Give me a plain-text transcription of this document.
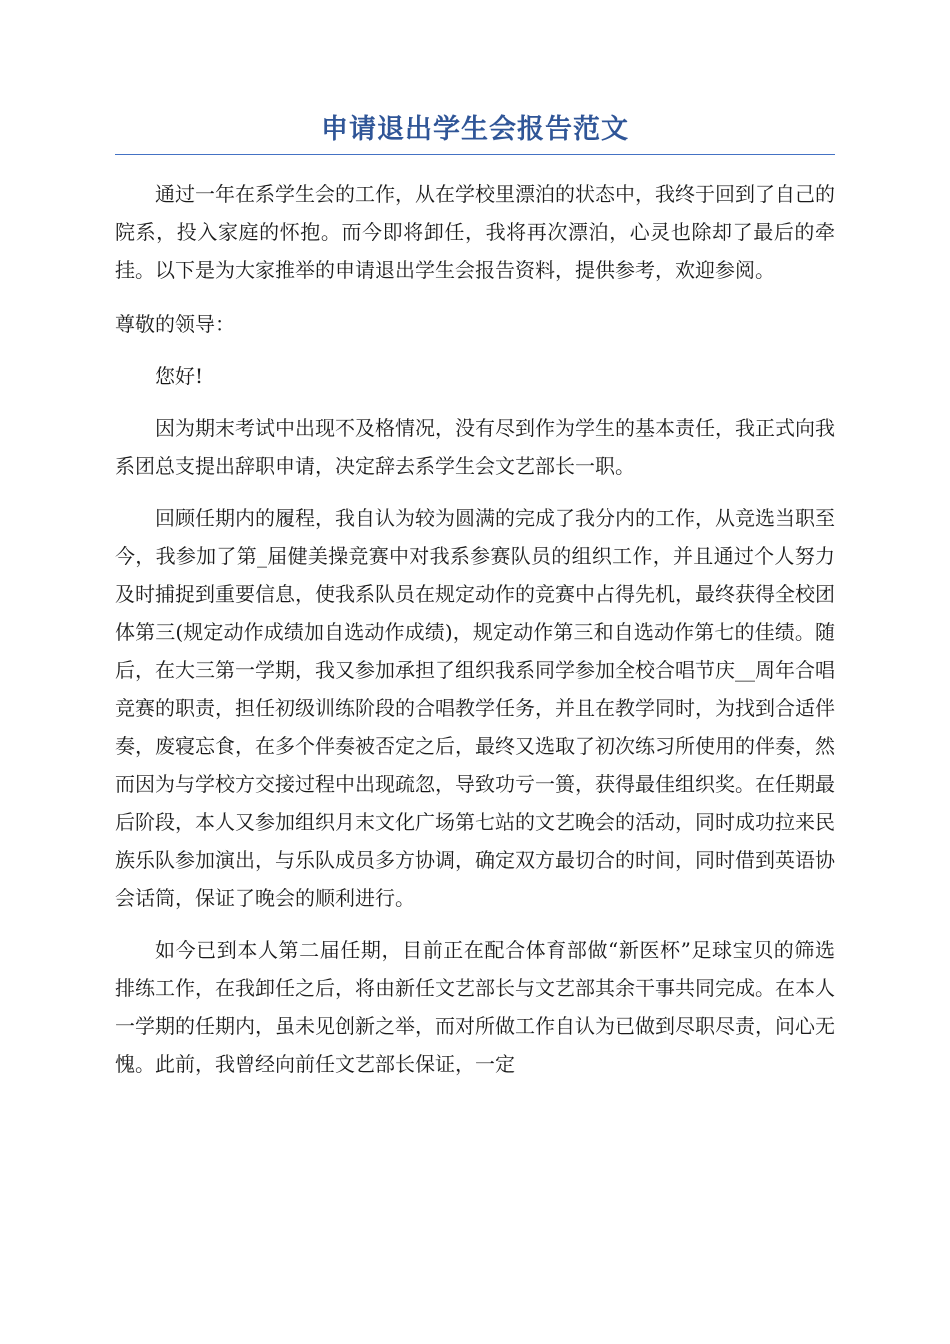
申请退出学生会报告范文

通过一年在系学生会的工作，从在学校里漂泊的状态中，我终于回到了自己的院系，投入家庭的怀抱。而今即将卸任，我将再次漂泊，心灵也除却了最后的牵挂。以下是为大家推举的申请退出学生会报告资料，提供参考，欢迎参阅。

尊敬的领导：

您好!

因为期末考试中出现不及格情况，没有尽到作为学生的基本责任，我正式向我系团总支提出辞职申请，决定辞去系学生会文艺部长一职。

回顾任期内的履程，我自认为较为圆满的完成了我分内的工作，从竞选当职至今，我参加了第_届健美操竞赛中对我系参赛队员的组织工作，并且通过个人努力及时捕捉到重要信息，使我系队员在规定动作的竞赛中占得先机，最终获得全校团体第三(规定动作成绩加自选动作成绩)，规定动作第三和自选动作第七的佳绩。随后，在大三第一学期，我又参加承担了组织我系同学参加全校合唱节庆__周年合唱竞赛的职责，担任初级训练阶段的合唱教学任务，并且在教学同时，为找到合适伴奏，废寝忘食，在多个伴奏被否定之后，最终又选取了初次练习所使用的伴奏，然而因为与学校方交接过程中出现疏忽，导致功亏一篑，获得最佳组织奖。在任期最后阶段，本人又参加组织月末文化广场第七站的文艺晚会的活动，同时成功拉来民族乐队参加演出，与乐队成员多方协调，确定双方最切合的时间，同时借到英语协会话筒，保证了晚会的顺利进行。

如今已到本人第二届任期，目前正在配合体育部做“新医杯”足球宝贝的筛选排练工作，在我卸任之后，将由新任文艺部长与文艺部其余干事共同完成。在本人一学期的任期内，虽未见创新之举，而对所做工作自认为已做到尽职尽责，问心无愧。此前，我曾经向前任文艺部长保证，一定
